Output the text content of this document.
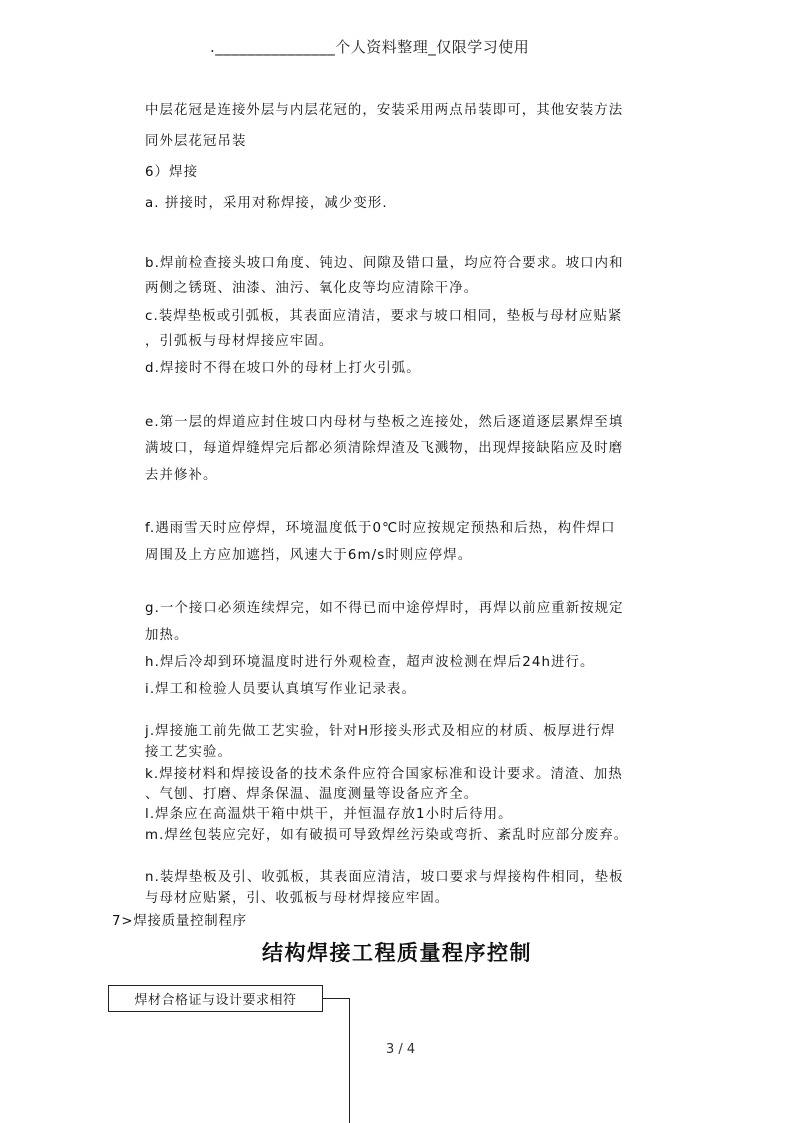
._______________个人资料整理_仅限学习使用
中层花冠是连接外层与内层花冠的，安装采用两点吊装即可，其他安装方法
同外层花冠吊装
6）焊接
a. 拼接时，采用对称焊接，减少变形.
b.焊前检查接头坡口角度、钝边、间隙及错口量，均应符合要求。坡口内和
两侧之锈斑、油漆、油污、氧化皮等均应清除干净。
c.装焊垫板或引弧板，其表面应清洁，要求与坡口相同，垫板与母材应贴紧
，引弧板与母材焊接应牢固。
d.焊接时不得在坡口外的母材上打火引弧。
e.第一层的焊道应封住坡口内母材与垫板之连接处，然后逐道逐层累焊至填
满坡口，每道焊缝焊完后都必须清除焊渣及飞溅物，出现焊接缺陷应及时磨
去并修补。
f.遇雨雪天时应停焊，环境温度低于0℃时应按规定预热和后热，构件焊口
周围及上方应加遮挡，风速大于6m/s时则应停焊。
g.一个接口必须连续焊完，如不得已而中途停焊时，再焊以前应重新按规定
加热。
h.焊后冷却到环境温度时进行外观检查，超声波检测在焊后24h进行。
i.焊工和检验人员要认真填写作业记录表。
j.焊接施工前先做工艺实验，针对H形接头形式及相应的材质、板厚进行焊
接工艺实验。
k.焊接材料和焊接设备的技术条件应符合国家标准和设计要求。清渣、加热
、气刨、打磨、焊条保温、温度测量等设备应齐全。
l.焊条应在高温烘干箱中烘干，并恒温存放1小时后待用。
m.焊丝包装应完好，如有破损可导致焊丝污染或弯折、紊乱时应部分废弃。
n.装焊垫板及引、收弧板，其表面应清洁，坡口要求与焊接构件相同，垫板
与母材应贴紧，引、收弧板与母材焊接应牢固。
7>焊接质量控制程序
结构焊接工程质量程序控制
焊材合格证与设计要求相符
3 / 4
